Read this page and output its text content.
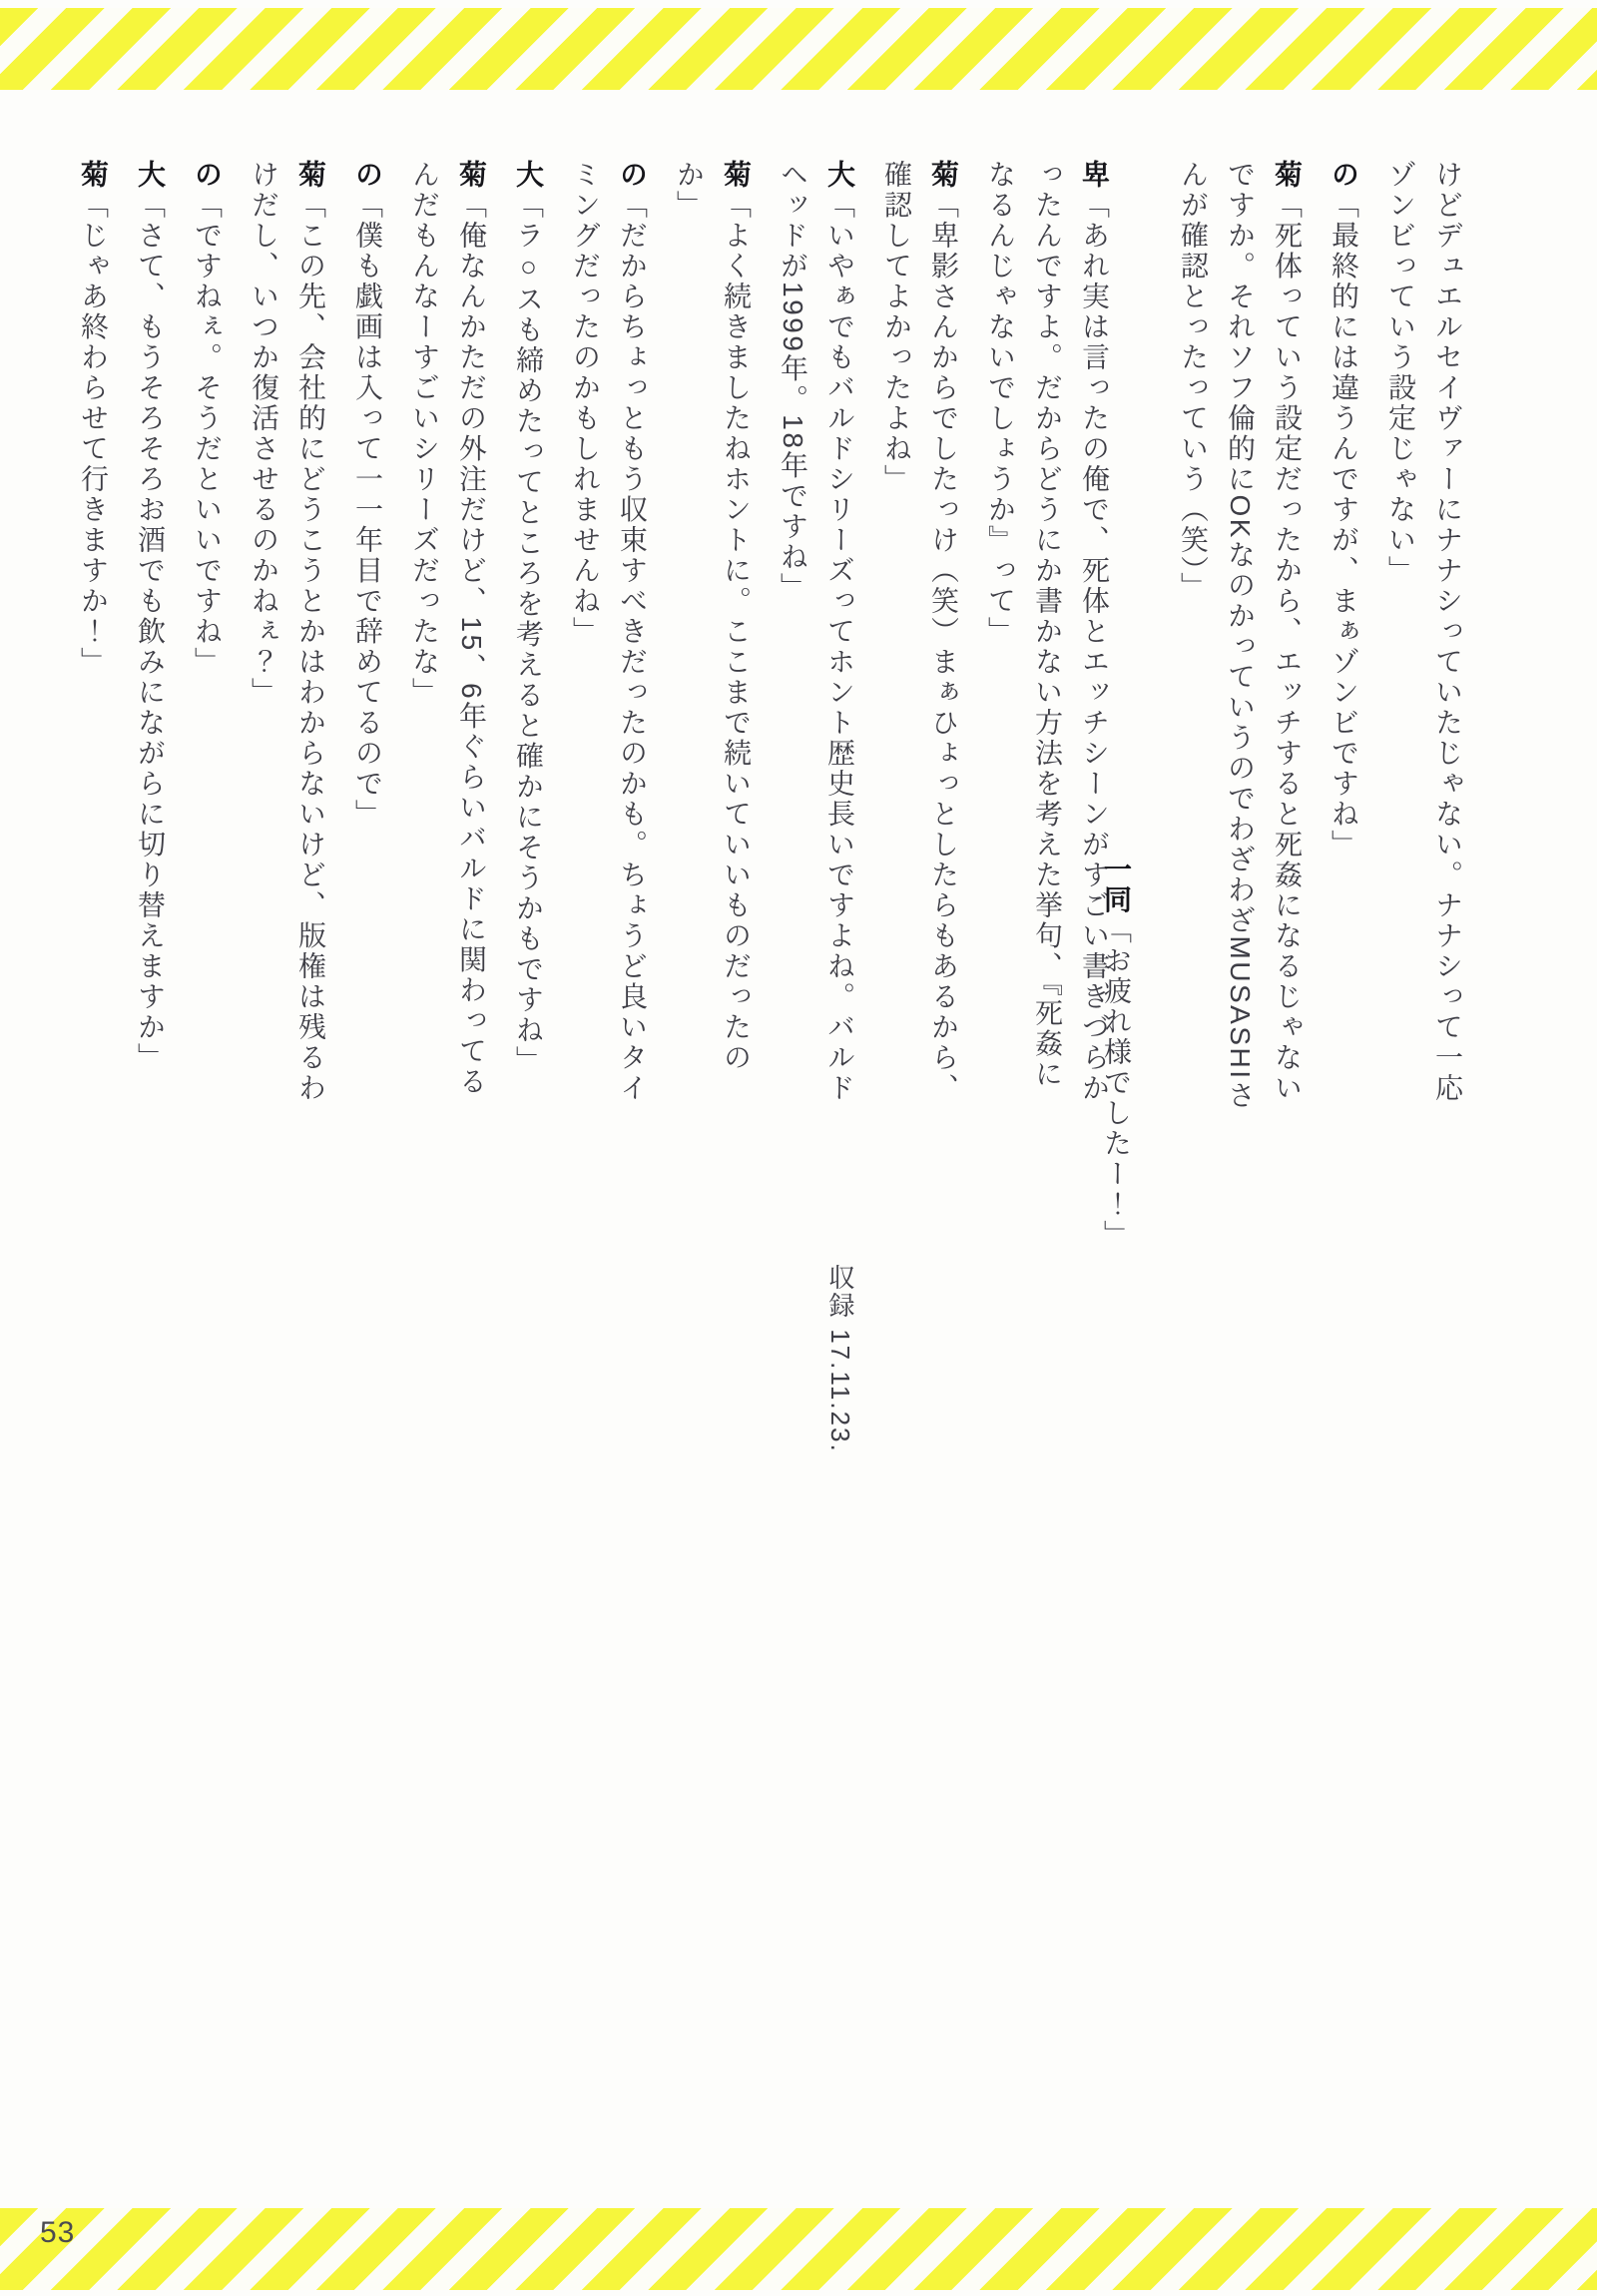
けどデュエルセイヴァーにナナシっていたじゃない。ナナシって一応ゾンビっていう設定じゃない」

の「最終的には違うんですが、まぁゾンビですね」

菊「死体っていう設定だったから、エッチすると死姦になるじゃないですか。それソフ倫的にOKなのかっていうのでわざわざMUSASHIさんが確認とったっていう（笑）」

卑「あれ実は言ったの俺で、死体とエッチシーンがすごい書きづらかったんですよ。だからどうにか書かない方法を考えた挙句、『死姦になるんじゃないでしょうか』って」

菊「卑影さんからでしたっけ（笑）まぁひょっとしたらもあるから、確認してよかったよね」

大「いやぁでもバルドシリーズってホント歴史長いですよね。バルドヘッドが1999年。18年ですね」

菊「よく続きましたねホントに。ここまで続いていいものだったのか」

の「だからちょっともう収束すべきだったのかも。ちょうど良いタイミングだったのかもしれませんね」

大「ラ○スも締めたってところを考えると確かにそうかもですね」

菊「俺なんかただの外注だけど、15、6年ぐらいバルドに関わってるんだもんなーすごいシリーズだったな」

の「僕も戯画は入って一一年目で辞めてるので」

菊「この先、会社的にどうこうとかはわからないけど、版権は残るわけだし、いつか復活させるのかねぇ？」

の「ですねぇ。そうだといいですね」

大「さて、もうそろそろお酒でも飲みにながらに切り替えますか」

菊「じゃあ終わらせて行きますか！」

一同「お疲れ様でしたー！」

収録 17.11.23.

53
